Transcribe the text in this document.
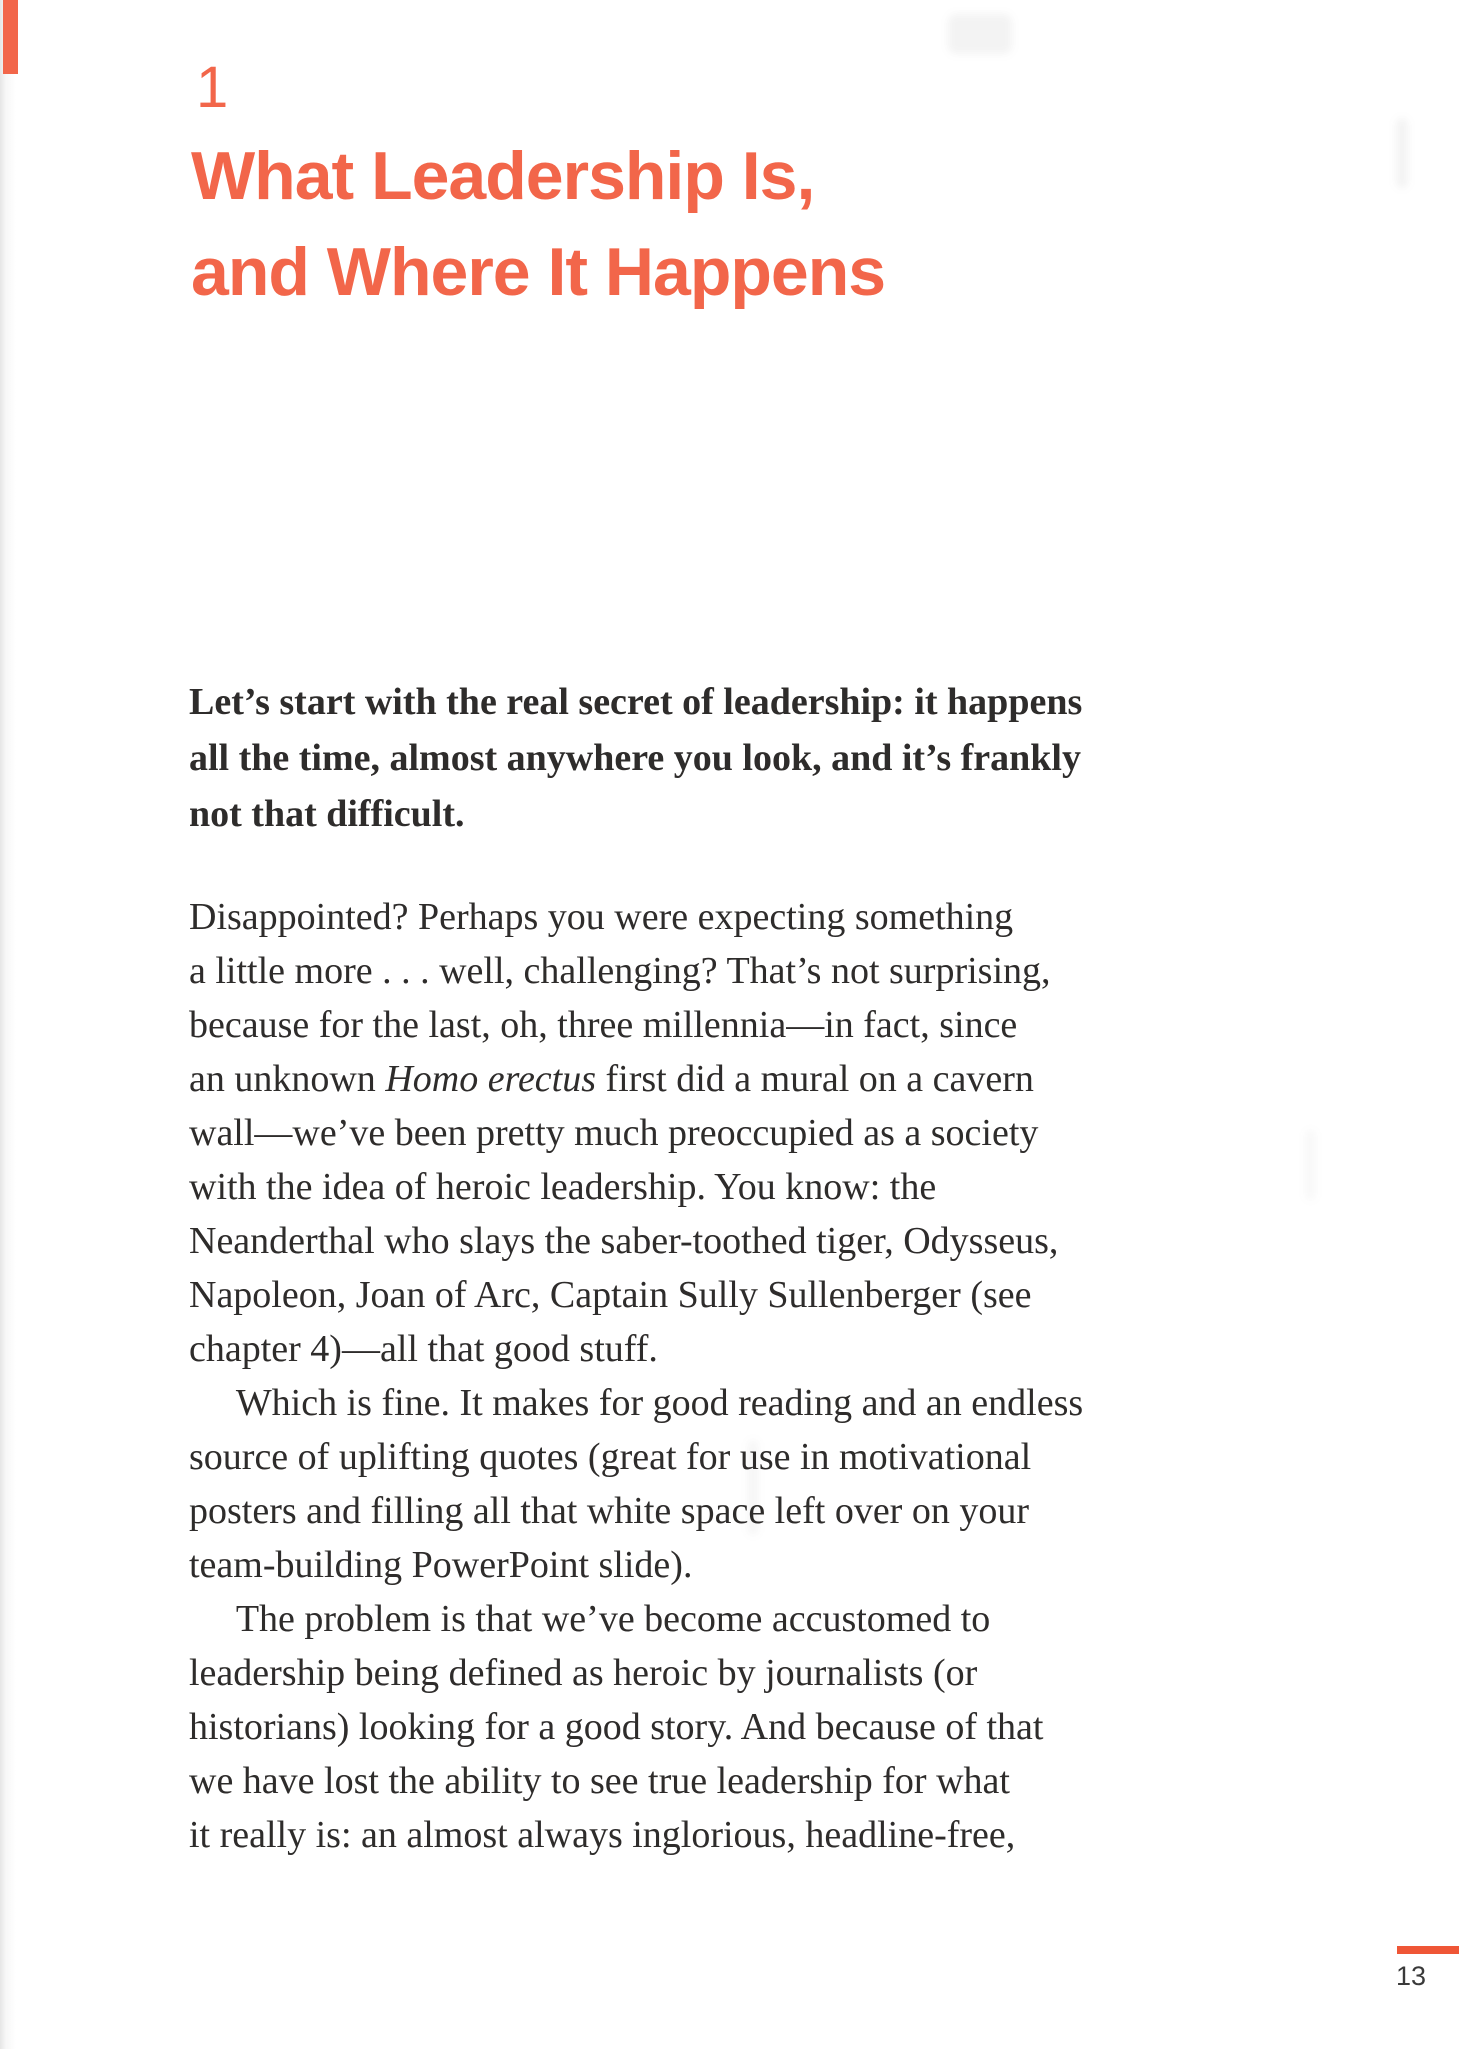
1
What Leadership Is,
and Where It Happens
Let’s start with the real secret of leadership: it happens
all the time, almost anywhere you look, and it’s frankly
not that difficult.
Disappointed? Perhaps you were expecting something
a little more . . . well, challenging? That’s not surprising,
because for the last, oh, three millennia—in fact, since
an unknown Homo erectus first did a mural on a cavern
wall—we’ve been pretty much preoccupied as a society
with the idea of heroic leadership. You know: the
Neanderthal who slays the saber-toothed tiger, Odysseus,
Napoleon, Joan of Arc, Captain Sully Sullenberger (see
chapter 4)—all that good stuff.
Which is fine. It makes for good reading and an endless
source of uplifting quotes (great for use in motivational
posters and filling all that white space left over on your
team-building PowerPoint slide).
The problem is that we’ve become accustomed to
leadership being defined as heroic by journalists (or
historians) looking for a good story. And because of that
we have lost the ability to see true leadership for what
it really is: an almost always inglorious, headline-free,
13
